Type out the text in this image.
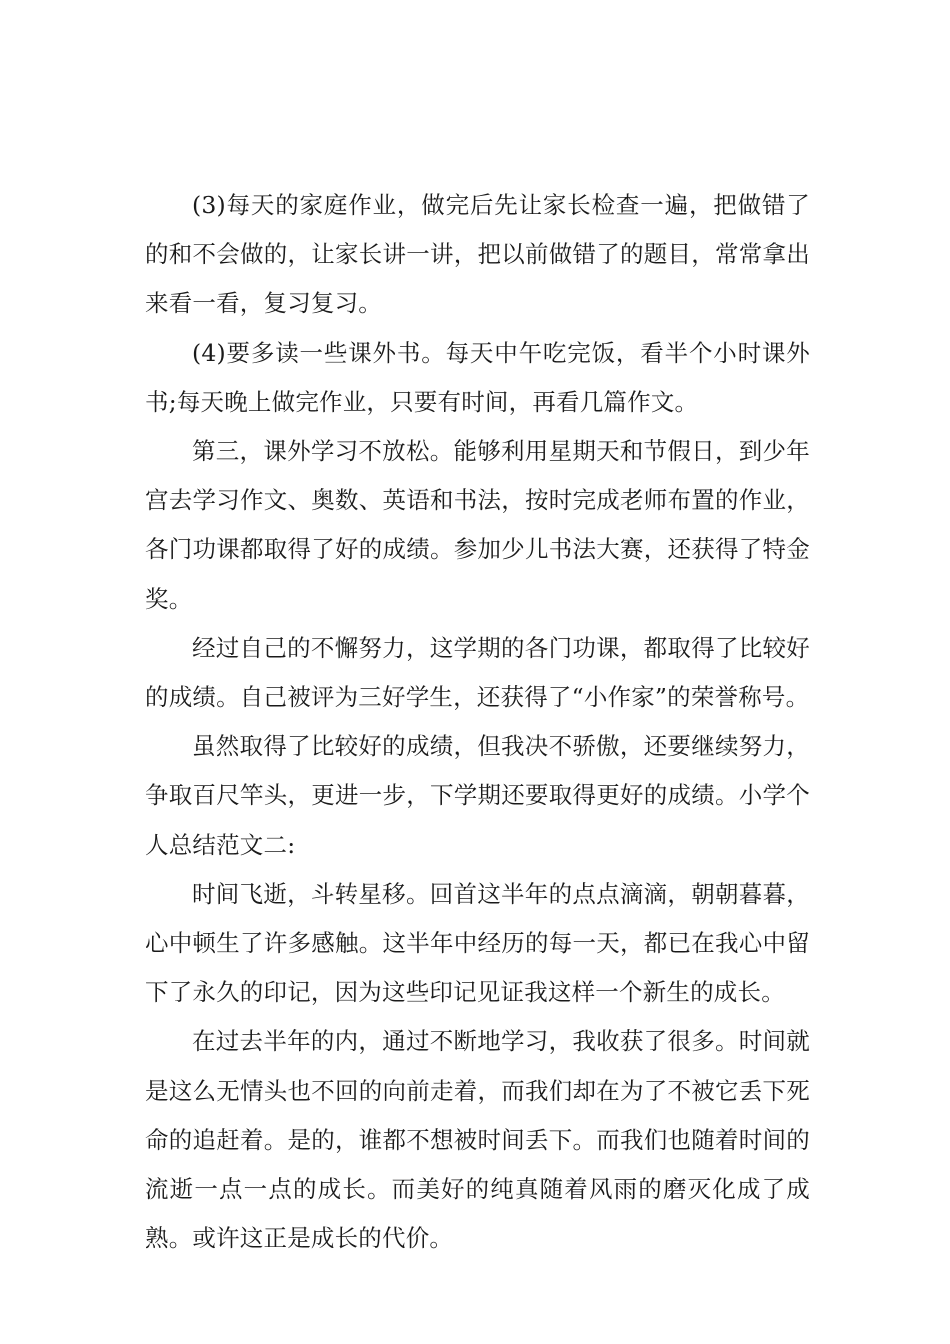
(3)每天的家庭作业，做完后先让家长检查一遍，把做错了的和不会做的，让家长讲一讲，把以前做错了的题目，常常拿出来看一看，复习复习。

(4)要多读一些课外书。每天中午吃完饭，看半个小时课外书;每天晚上做完作业，只要有时间，再看几篇作文。

第三，课外学习不放松。能够利用星期天和节假日，到少年宫去学习作文、奥数、英语和书法，按时完成老师布置的作业，各门功课都取得了好的成绩。参加少儿书法大赛，还获得了特金奖。

经过自己的不懈努力，这学期的各门功课，都取得了比较好的成绩。自己被评为三好学生，还获得了“小作家”的荣誉称号。

虽然取得了比较好的成绩，但我决不骄傲，还要继续努力，争取百尺竿头，更进一步，下学期还要取得更好的成绩。小学个人总结范文二:

时间飞逝，斗转星移。回首这半年的点点滴滴，朝朝暮暮，心中顿生了许多感触。这半年中经历的每一天，都已在我心中留下了永久的印记，因为这些印记见证我这样一个新生的成长。

在过去半年的内，通过不断地学习，我收获了很多。时间就是这么无情头也不回的向前走着，而我们却在为了不被它丢下死命的追赶着。是的，谁都不想被时间丢下。而我们也随着时间的流逝一点一点的成长。而美好的纯真随着风雨的磨灭化成了成熟。或许这正是成长的代价。
